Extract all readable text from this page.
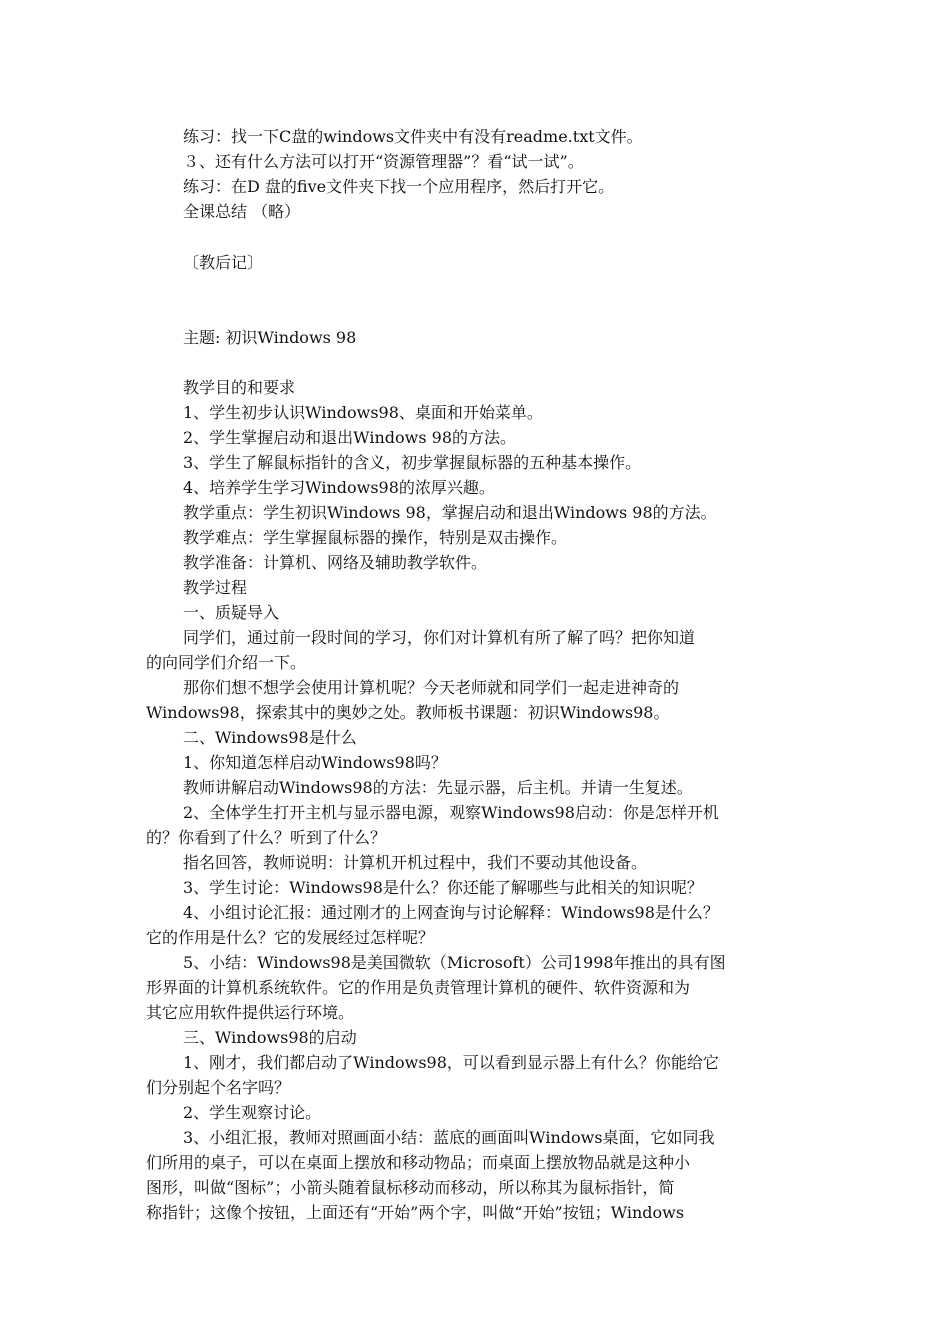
练习：找一下C盘的windows文件夹中有没有readme.txt文件。
３、还有什么方法可以打开“资源管理器”？看“试一试”。
练习：在D 盘的five文件夹下找一个应用程序，然后打开它。
全课总结 （略）
〔教后记〕
主题: 初识Windows 98
教学目的和要求
1、学生初步认识Windows98、桌面和开始菜单。
2、学生掌握启动和退出Windows 98的方法。
3、学生了解鼠标指针的含义，初步掌握鼠标器的五种基本操作。
4、培养学生学习Windows98的浓厚兴趣。
教学重点：学生初识Windows 98，掌握启动和退出Windows 98的方法。
教学难点：学生掌握鼠标器的操作，特别是双击操作。
教学准备：计算机、网络及辅助教学软件。
教学过程
一、质疑导入
同学们，通过前一段时间的学习，你们对计算机有所了解了吗？把你知道
的向同学们介绍一下。
那你们想不想学会使用计算机呢？今天老师就和同学们一起走进神奇的
Windows98，探索其中的奥妙之处。教师板书课题：初识Windows98。
二、Windows98是什么
1、你知道怎样启动Windows98吗？
教师讲解启动Windows98的方法：先显示器，后主机。并请一生复述。
2、全体学生打开主机与显示器电源，观察Windows98启动：你是怎样开机
的？你看到了什么？听到了什么？
指名回答，教师说明：计算机开机过程中，我们不要动其他设备。
3、学生讨论：Windows98是什么？你还能了解哪些与此相关的知识呢？
4、小组讨论汇报：通过刚才的上网查询与讨论解释：Windows98是什么？
它的作用是什么？它的发展经过怎样呢？
5、小结：Windows98是美国微软（Microsoft）公司1998年推出的具有图
形界面的计算机系统软件。它的作用是负责管理计算机的硬件、软件资源和为
其它应用软件提供运行环境。
三、Windows98的启动
1、刚才，我们都启动了Windows98，可以看到显示器上有什么？你能给它
们分别起个名字吗？
2、学生观察讨论。
3、小组汇报，教师对照画面小结：蓝底的画面叫Windows桌面，它如同我
们所用的桌子，可以在桌面上摆放和移动物品；而桌面上摆放物品就是这种小
图形，叫做“图标”；小箭头随着鼠标移动而移动，所以称其为鼠标指针，简
称指针；这像个按钮，上面还有“开始”两个字，叫做“开始”按钮；Windows
